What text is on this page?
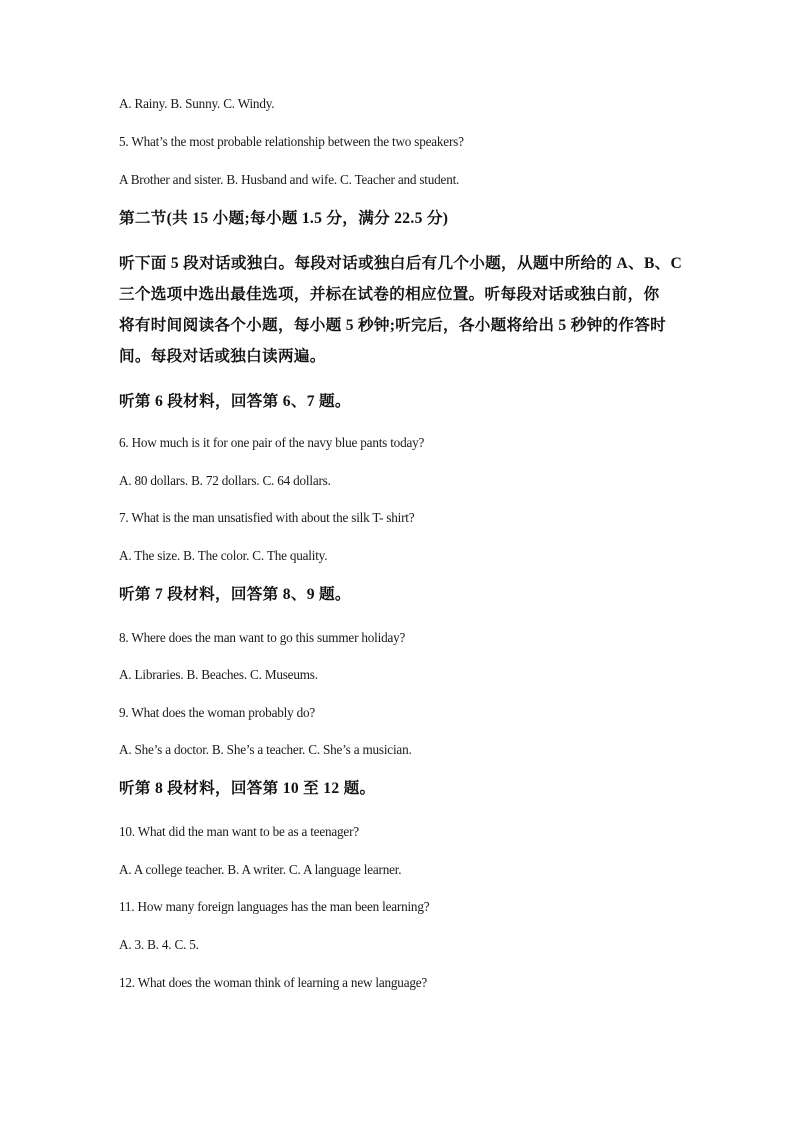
A. Rainy. B. Sunny. C. Windy.
5. What’s the most probable relationship between the two speakers?
A Brother and sister. B. Husband and wife. C. Teacher and student.
第二节(共 15 小题;每小题 1.5 分，满分 22.5 分)
听下面 5 段对话或独白。每段对话或独白后有几个小题，从题中所给的 A、B、C
三个选项中选出最佳选项，并标在试卷的相应位置。听每段对话或独白前，你
将有时间阅读各个小题，每小题 5 秒钟;听完后，各小题将给出 5 秒钟的作答时
间。每段对话或独白读两遍。
听第 6 段材料，回答第 6、7 题。
6. How much is it for one pair of the navy blue pants today?
A. 80 dollars. B. 72 dollars. C. 64 dollars.
7. What is the man unsatisfied with about the silk T- shirt?
A. The size. B. The color. C. The quality.
听第 7 段材料，回答第 8、9 题。
8. Where does the man want to go this summer holiday?
A. Libraries. B. Beaches. C. Museums.
9. What does the woman probably do?
A. She’s a doctor. B. She’s a teacher. C. She’s a musician.
听第 8 段材料，回答第 10 至 12 题。
10. What did the man want to be as a teenager?
A. A college teacher. B. A writer. C. A language learner.
11. How many foreign languages has the man been learning?
A. 3. B. 4. C. 5.
12. What does the woman think of learning a new language?
